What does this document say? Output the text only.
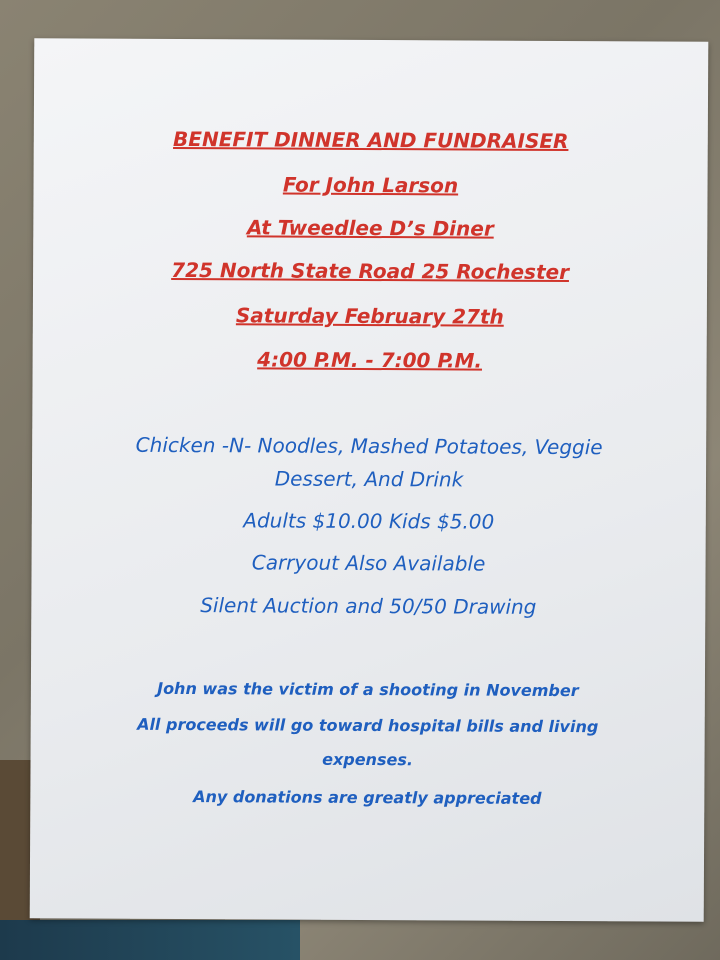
BENEFIT DINNER AND FUNDRAISER
For John Larson
At Tweedlee D’s Diner
725 North State Road 25 Rochester
Saturday February 27th
4:00 P.M. - 7:00 P.M.
Chicken -N- Noodles, Mashed Potatoes, Veggie
Dessert, And Drink
Adults $10.00 Kids $5.00
Carryout Also Available
Silent Auction and 50/50 Drawing
John was the victim of a shooting in November
All proceeds will go toward hospital bills and living
expenses.
Any donations are greatly appreciated
